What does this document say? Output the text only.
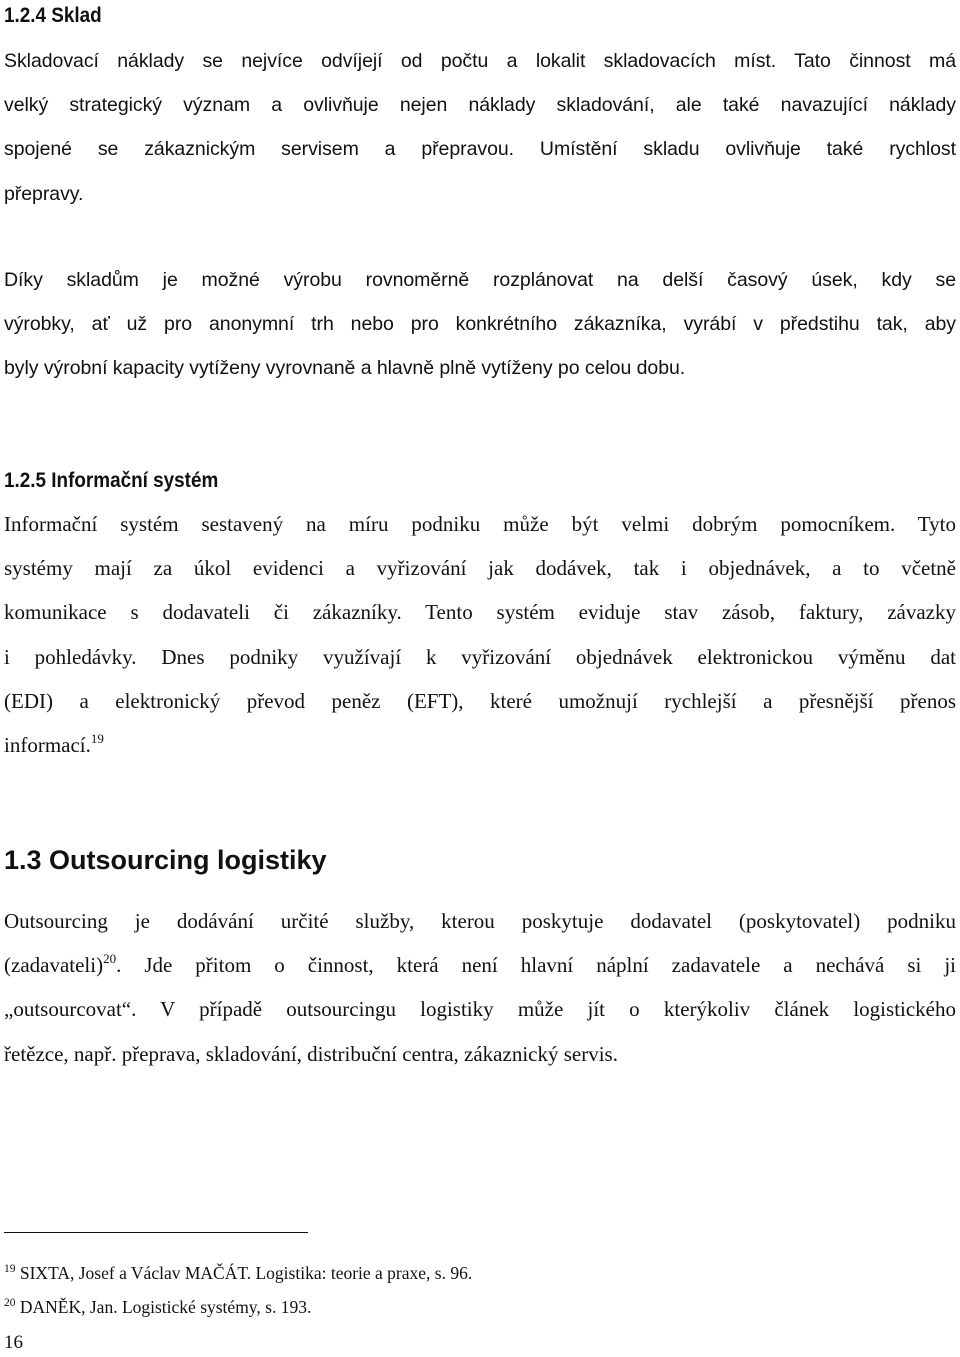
1.2.4 Sklad
Skladovací náklady se nejvíce odvíjejí od počtu a lokalit skladovacích míst. Tato činnost má
velký strategický význam a ovlivňuje nejen náklady skladování, ale také navazující náklady
spojené se zákaznickým servisem a přepravou. Umístění skladu ovlivňuje také rychlost
přepravy.
Díky skladům je možné výrobu rovnoměrně rozplánovat na delší časový úsek, kdy se
výrobky, ať už pro anonymní trh nebo pro konkrétního zákazníka, vyrábí v předstihu tak, aby
byly výrobní kapacity vytíženy vyrovnaně a hlavně plně vytíženy po celou dobu.
1.2.5 Informační systém
Informační systém sestavený na míru podniku může být velmi dobrým pomocníkem. Tyto
systémy mají za úkol evidenci a vyřizování jak dodávek, tak i objednávek, a to včetně
komunikace s dodavateli či zákazníky. Tento systém eviduje stav zásob, faktury, závazky
i pohledávky. Dnes podniky využívají k vyřizování objednávek elektronickou výměnu dat
(EDI) a elektronický převod peněz (EFT), které umožnují rychlejší a přesnější přenos
informací.$^{19}$
1.3 Outsourcing logistiky
Outsourcing je dodávání určité služby, kterou poskytuje dodavatel (poskytovatel) podniku
(zadavateli)$^{20}$ . Jde přitom o činnost, která není hlavní náplní zadavatele a nechává si ji
„outsourcovat“. V případě outsourcingu logistiky může jít o kterýkoliv článek logistického
řetězce, např. přeprava, skladování, distribuční centra, zákaznický servis.
$^{19}$ SIXTA, Josef a Václav MAČÁT. Logistika: teorie a praxe, s. 96.
$^{20}$ DANĚK, Jan. Logistické systémy, s. 193.
16
